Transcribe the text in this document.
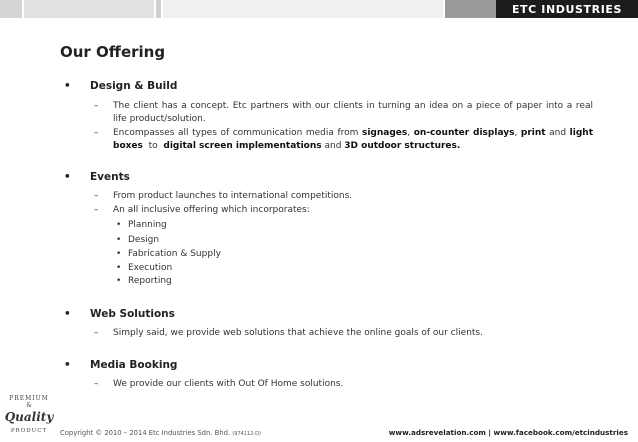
ETC INDUSTRIES
Our Offering
• Design & Build
– The client has a concept. Etc partners with our clients in turning an idea on a piece of paper into a real life product/solution.
– Encompasses all types of communication media from signages, on-counter displays, print and light boxes  to  digital screen implementations and 3D outdoor structures.
• Events
– From product launches to international competitions.
– An all inclusive offering which incorporates:
• Planning
• Design
• Fabrication & Supply
• Execution
• Reporting
• Web Solutions
– Simply said, we provide web solutions that achieve the online goals of our clients.
• Media Booking
– We provide our clients with Out Of Home solutions.
PREMIUM
&
Quality
PRODUCT Copyright © 2010 – 2014 Etc Industries Sdn. Bhd. (974112-D)	www.adsrevelation.com | www.facebook.com/etcindustries
